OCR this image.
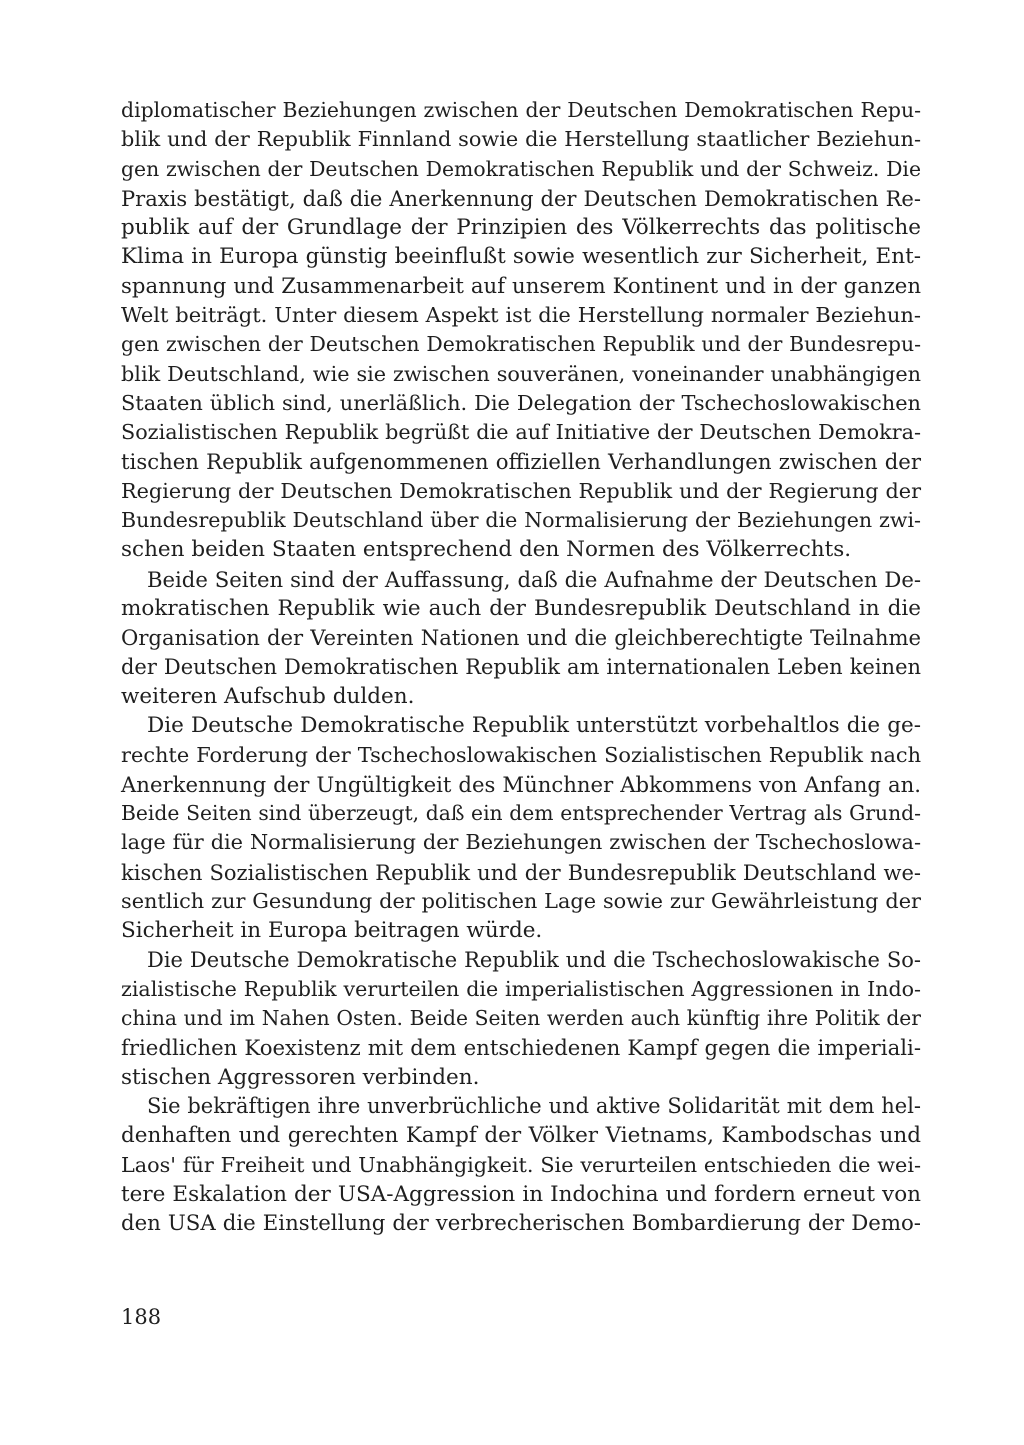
diplomatischer Beziehungen zwischen der Deutschen Demokratischen Repu-
blik und der Republik Finnland sowie die Herstellung staatlicher Beziehun-
gen zwischen der Deutschen Demokratischen Republik und der Schweiz. Die
Praxis bestätigt, daß die Anerkennung der Deutschen Demokratischen Re-
publik auf der Grundlage der Prinzipien des Völkerrechts das politische
Klima in Europa günstig beeinflußt sowie wesentlich zur Sicherheit, Ent-
spannung und Zusammenarbeit auf unserem Kontinent und in der ganzen
Welt beiträgt. Unter diesem Aspekt ist die Herstellung normaler Beziehun-
gen zwischen der Deutschen Demokratischen Republik und der Bundesrepu-
blik Deutschland, wie sie zwischen souveränen, voneinander unabhängigen
Staaten üblich sind, unerläßlich. Die Delegation der Tschechoslowakischen
Sozialistischen Republik begrüßt die auf Initiative der Deutschen Demokra-
tischen Republik aufgenommenen offiziellen Verhandlungen zwischen der
Regierung der Deutschen Demokratischen Republik und der Regierung der
Bundesrepublik Deutschland über die Normalisierung der Beziehungen zwi-
schen beiden Staaten entsprechend den Normen des Völkerrechts.
Beide Seiten sind der Auffassung, daß die Aufnahme der Deutschen De-
mokratischen Republik wie auch der Bundesrepublik Deutschland in die
Organisation der Vereinten Nationen und die gleichberechtigte Teilnahme
der Deutschen Demokratischen Republik am internationalen Leben keinen
weiteren Aufschub dulden.
Die Deutsche Demokratische Republik unterstützt vorbehaltlos die ge-
rechte Forderung der Tschechoslowakischen Sozialistischen Republik nach
Anerkennung der Ungültigkeit des Münchner Abkommens von Anfang an.
Beide Seiten sind überzeugt, daß ein dem entsprechender Vertrag als Grund-
lage für die Normalisierung der Beziehungen zwischen der Tschechoslowa-
kischen Sozialistischen Republik und der Bundesrepublik Deutschland we-
sentlich zur Gesundung der politischen Lage sowie zur Gewährleistung der
Sicherheit in Europa beitragen würde.
Die Deutsche Demokratische Republik und die Tschechoslowakische So-
zialistische Republik verurteilen die imperialistischen Aggressionen in Indo-
china und im Nahen Osten. Beide Seiten werden auch künftig ihre Politik der
friedlichen Koexistenz mit dem entschiedenen Kampf gegen die imperiali-
stischen Aggressoren verbinden.
Sie bekräftigen ihre unverbrüchliche und aktive Solidarität mit dem hel-
denhaften und gerechten Kampf der Völker Vietnams, Kambodschas und
Laos' für Freiheit und Unabhängigkeit. Sie verurteilen entschieden die wei-
tere Eskalation der USA-Aggression in Indochina und fordern erneut von
den USA die Einstellung der verbrecherischen Bombardierung der Demo-
188
